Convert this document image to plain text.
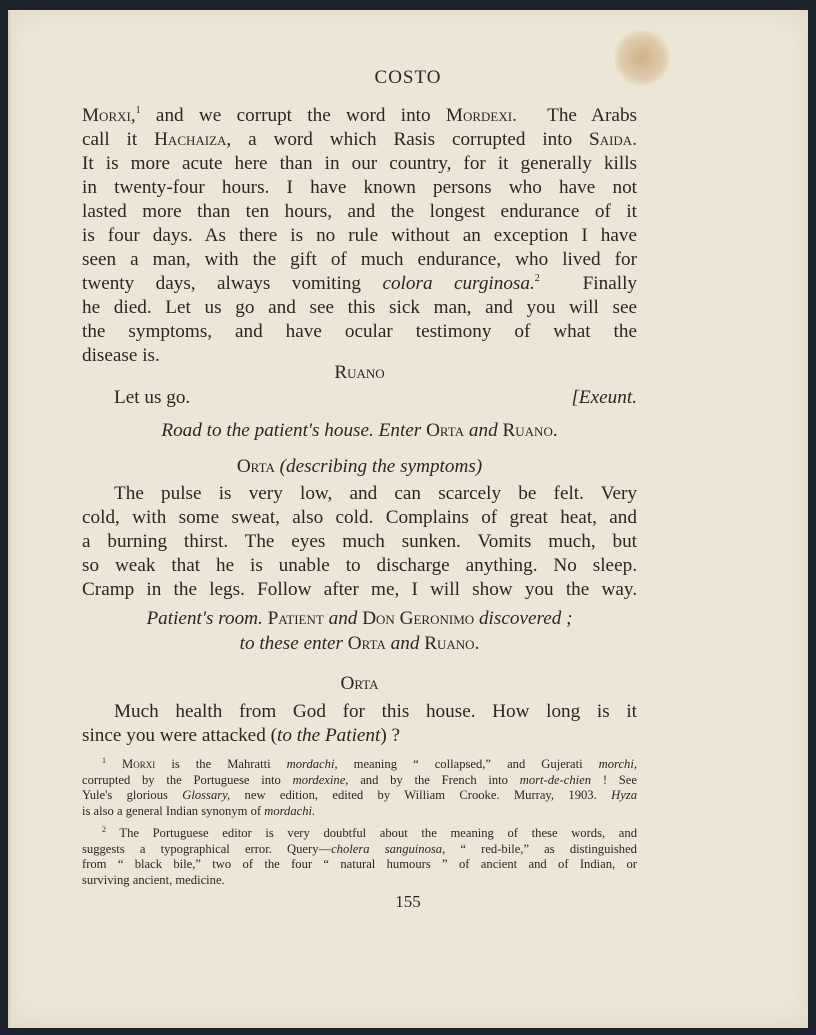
COSTO
Morxi,$^1$ and we corrupt the word into Mordexi.  The Arabs
call it Hachaiza, a word which Rasis corrupted into Saida.
It is more acute here than in our country, for it generally kills
in twenty-four hours. I have known persons who have not
lasted more than ten hours, and the longest endurance of it
is four days. As there is no rule without an exception I have
seen a man, with the gift of much endurance, who lived for
twenty days, always vomiting colora curginosa.$^2$  Finally
he died. Let us go and see this sick man, and you will see
the symptoms, and have ocular testimony of what the
disease is.
Ruano
Let us go.	[Exeunt.
Road to the patient's house. Enter Orta and Ruano.
Orta (describing the symptoms)
The pulse is very low, and can scarcely be felt. Very
cold, with some sweat, also cold. Complains of great heat, and
a burning thirst. The eyes much sunken. Vomits much, but
so weak that he is unable to discharge anything. No sleep.
Cramp in the legs. Follow after me, I will show you the way.
Patient's room. Patient and Don Geronimo discovered ;
to these enter Orta and Ruano.
Orta
Much health from God for this house. How long is it
since you were attacked (to the Patient) ?
$^1$ Morxi is the Mahratti mordachi, meaning “ collapsed,” and Gujerati morchi,
corrupted by the Portuguese into mordexine, and by the French into mort-de-chien ! See
Yule's glorious Glossary, new edition, edited by William Crooke. Murray, 1903. Hyza
is also a general Indian synonym of mordachi.
$^2$ The Portuguese editor is very doubtful about the meaning of these words, and
suggests a typographical error. Query—cholera sanguinosa, “ red-bile,” as distinguished
from “ black bile,” two of the four “ natural humours ” of ancient and of Indian, or
surviving ancient, medicine.
155
